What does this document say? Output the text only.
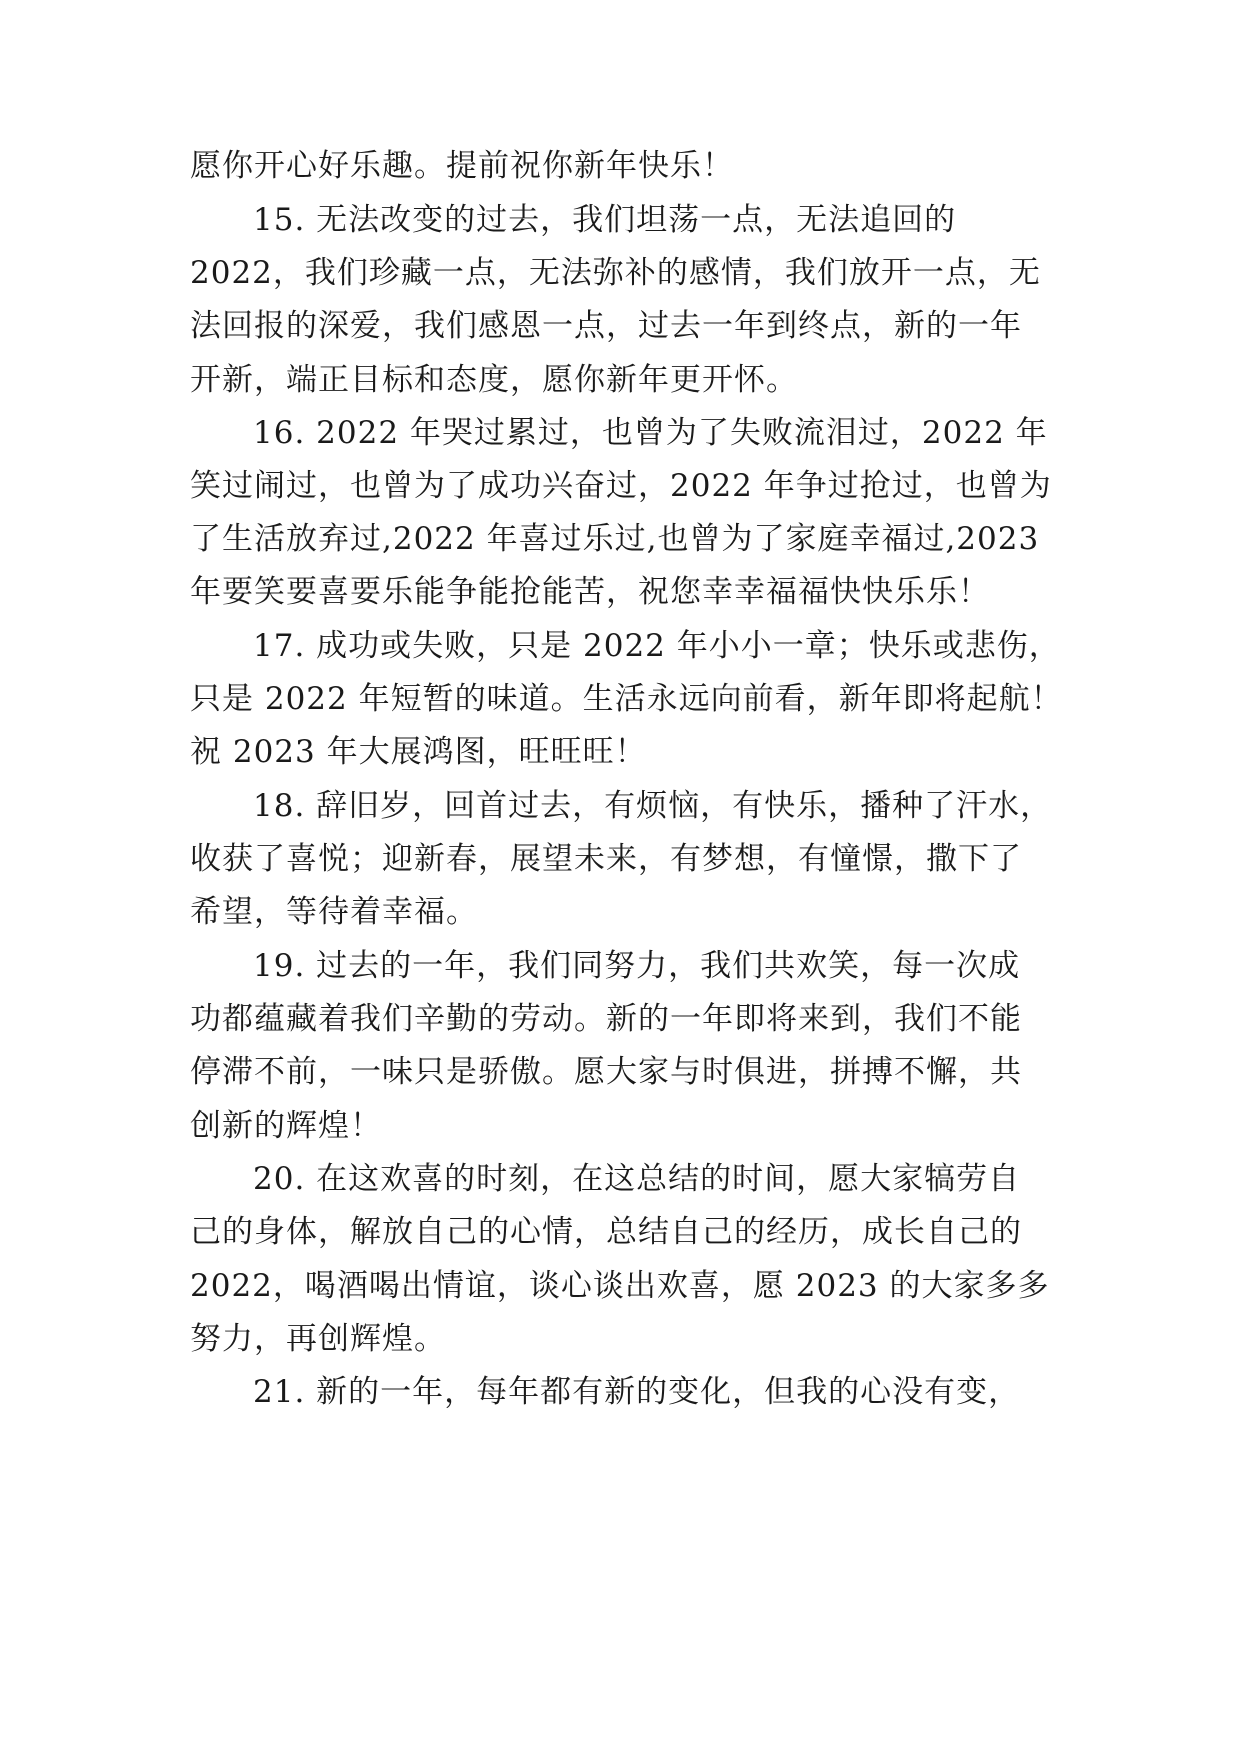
愿你开心好乐趣。提前祝你新年快乐！
15. 无法改变的过去，我们坦荡一点，无法追回的
2022，我们珍藏一点，无法弥补的感情，我们放开一点，无
法回报的深爱，我们感恩一点，过去一年到终点，新的一年
开新，端正目标和态度，愿你新年更开怀。
16. 2022 年哭过累过，也曾为了失败流泪过，2022 年
笑过闹过，也曾为了成功兴奋过，2022 年争过抢过，也曾为
了生活放弃过,2022 年喜过乐过,也曾为了家庭幸福过,2023
年要笑要喜要乐能争能抢能苦，祝您幸幸福福快快乐乐！
17. 成功或失败，只是 2022 年小小一章；快乐或悲伤，
只是 2022 年短暂的味道。生活永远向前看，新年即将起航！
祝 2023 年大展鸿图，旺旺旺！
18. 辞旧岁，回首过去，有烦恼，有快乐，播种了汗水，
收获了喜悦；迎新春，展望未来，有梦想，有憧憬，撒下了
希望，等待着幸福。
19. 过去的一年，我们同努力，我们共欢笑，每一次成
功都蕴藏着我们辛勤的劳动。新的一年即将来到，我们不能
停滞不前，一味只是骄傲。愿大家与时俱进，拼搏不懈，共
创新的辉煌！
20. 在这欢喜的时刻，在这总结的时间，愿大家犒劳自
己的身体，解放自己的心情，总结自己的经历，成长自己的
2022，喝酒喝出情谊，谈心谈出欢喜，愿 2023 的大家多多
努力，再创辉煌。
21. 新的一年，每年都有新的变化，但我的心没有变，
